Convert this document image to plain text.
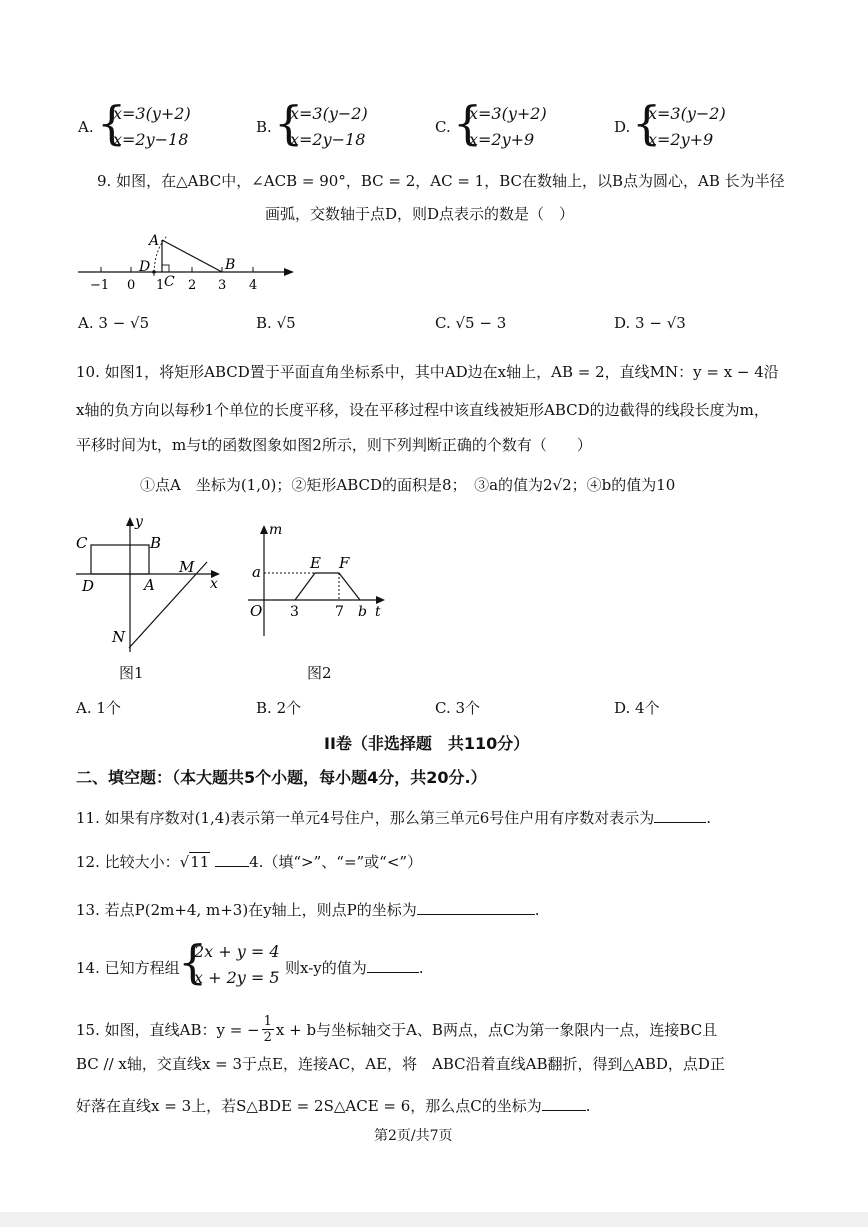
A. {
x=3(y+2)
x=2y−18
B. {
x=3(y−2)
x=2y−18
C. {
x=3(y+2)
x=2y+9
D. {
x=3(y−2)
x=2y+9
9. 如图，在△ABC中，∠ACB = 90°，BC = 2，AC = 1，BC在数轴上，以B点为圆心，AB 长为半径
画弧，交数轴于点D，则D点表示的数是（　）
A
B
C
D
−1 0 1 2 3 4
A. 3 − √5	B. √5	C. √5 − 3	D. 3 − √3
10. 如图1，将矩形ABCD置于平面直角坐标系中，其中AD边在x轴上，AB = 2，直线MN：y = x − 4沿
x轴的负方向以每秒1个单位的长度平移，设在平移过程中该直线被矩形ABCD的边截得的线段长度为m，
平移时间为t，m与t的函数图象如图2所示，则下列判断正确的个数有（　　）
①点A　坐标为(1,0)；②矩形ABCD的面积是8；　③a的值为2√2；④b的值为10
C	B
D	A
M
N
x
y
图1
m
a	E F
O 3	7 b t
图2
A. 1个	B. 2个	C. 3个	D. 4个
II卷（非选择题　共110分）
二、填空题：（本大题共5个小题，每小题4分，共20分.）
11. 如果有序数对(1,4)表示第一单元4号住户，那么第三单元6号住户用有序数对表示为	.
12. 比较大小：√11	4.（填“>”、“=”或“<”）
13. 若点P(2m+4, m+3)在y轴上，则点P的坐标为	.
14. 已知方程组
{
2x + y = 4
x + 2y = 5
，则x-y的值为	.
15. 如图，直线AB：y = − $\frac{1}{2}$ x + b与坐标轴交于A、B两点，点C为第一象限内一点，连接BC且
BC // x轴，交直线x = 3于点E，连接AC，AE，将　ABC沿着直线AB翻折，得到△ABD，点D正
好落在直线x = 3上，若S△BDE = 2S△ACE = 6，那么点C的坐标为	.
第2页/共7页
